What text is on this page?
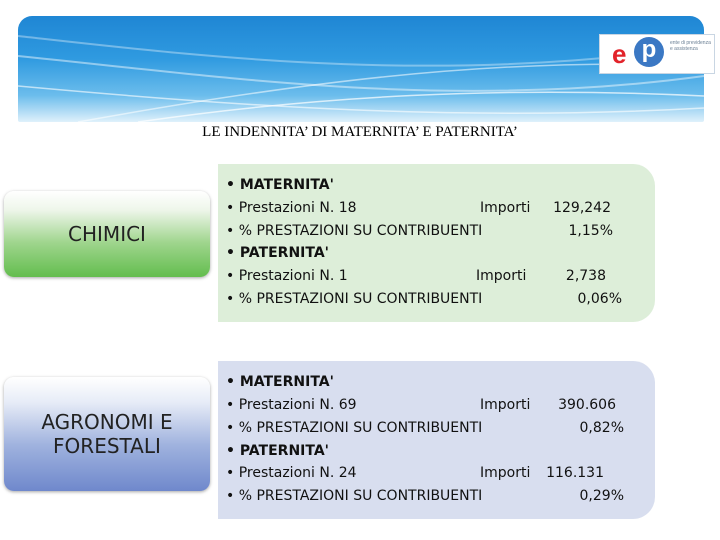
e p	ente di previdenza e assistenza
LE INDENNITA’ DI MATERNITA’ E PATERNITA’
CHIMICI
• MATERNITA'
• Prestazioni N. 18	Importi 129,242
• % PRESTAZIONI SU CONTRIBUENTI	1,15%
• PATERNITA'
• Prestazioni N. 1	Importi	2,738
• % PRESTAZIONI SU CONTRIBUENTI	0,06%
AGRONOMI E
FORESTALI
• MATERNITA'
• Prestazioni N. 69	Importi 390.606
• % PRESTAZIONI SU CONTRIBUENTI	0,82%
• PATERNITA'
• Prestazioni N. 24	Importi 116.131
• % PRESTAZIONI SU CONTRIBUENTI	0,29%
